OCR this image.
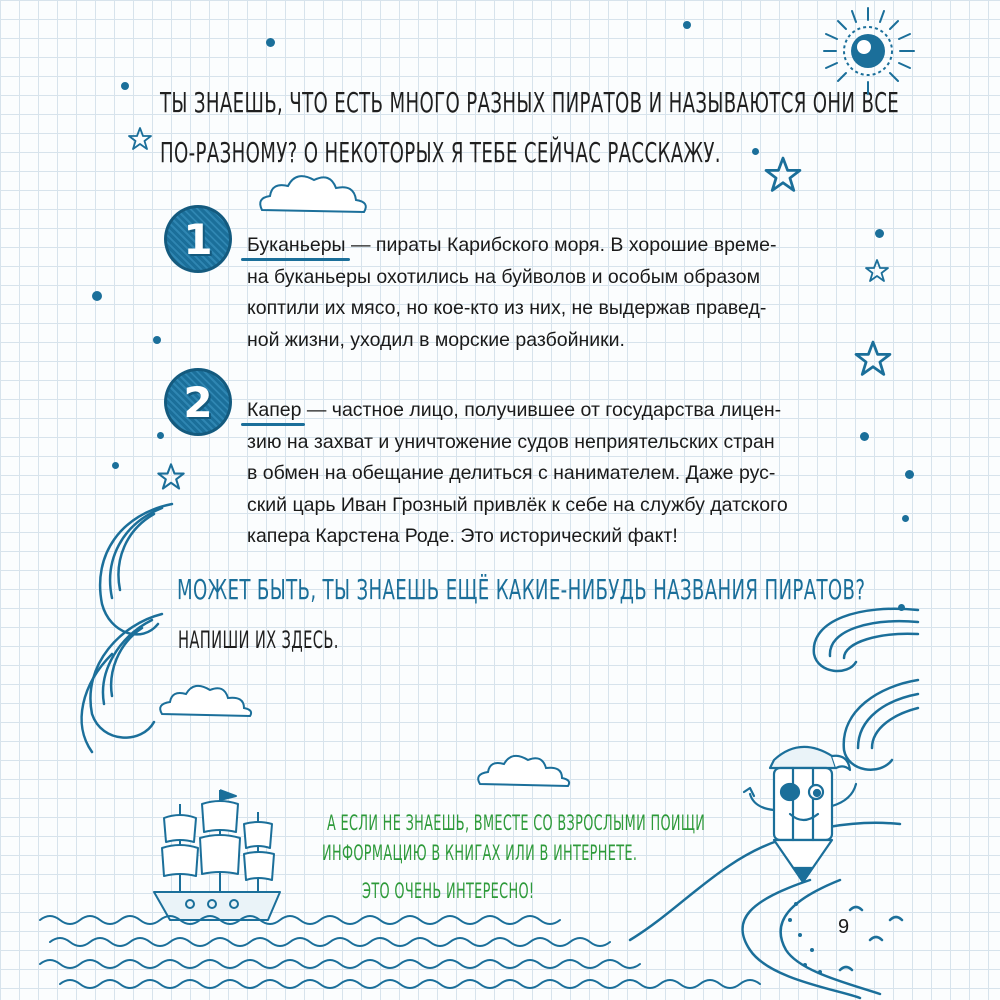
ТЫ ЗНАЕШЬ, ЧТО ЕСТЬ МНОГО РАЗНЫХ ПИРАТОВ И НАЗЫВАЮТСЯ ОНИ ВСЕ
ПО-РАЗНОМУ? О НЕКОТОРЫХ Я ТЕБЕ СЕЙЧАС РАССКАЖУ.
1 Буканьеры — пираты Карибского моря. В хорошие време-
на буканьеры охотились на буйволов и особым образом
коптили их мясо, но кое-кто из них, не выдержав правед-
ной жизни, уходил в морские разбойники.
2 Капер — частное лицо, получившее от государства лицен-
зию на захват и уничтожение судов неприятельских стран
в обмен на обещание делиться с нанимателем. Даже рус-
ский царь Иван Грозный привлёк к себе на службу датского
капера Карстена Роде. Это исторический факт!
МОЖЕТ БЫТЬ, ТЫ ЗНАЕШЬ ЕЩЁ КАКИЕ-НИБУДЬ НАЗВАНИЯ ПИРАТОВ?
НАПИШИ ИХ ЗДЕСЬ.
А ЕСЛИ НЕ ЗНАЕШЬ, ВМЕСТЕ СО ВЗРОСЛЫМИ ПОИЩИ
ИНФОРМАЦИЮ В КНИГАХ ИЛИ В ИНТЕРНЕТЕ.
ЭТО ОЧЕНЬ ИНТЕРЕСНО!
9
